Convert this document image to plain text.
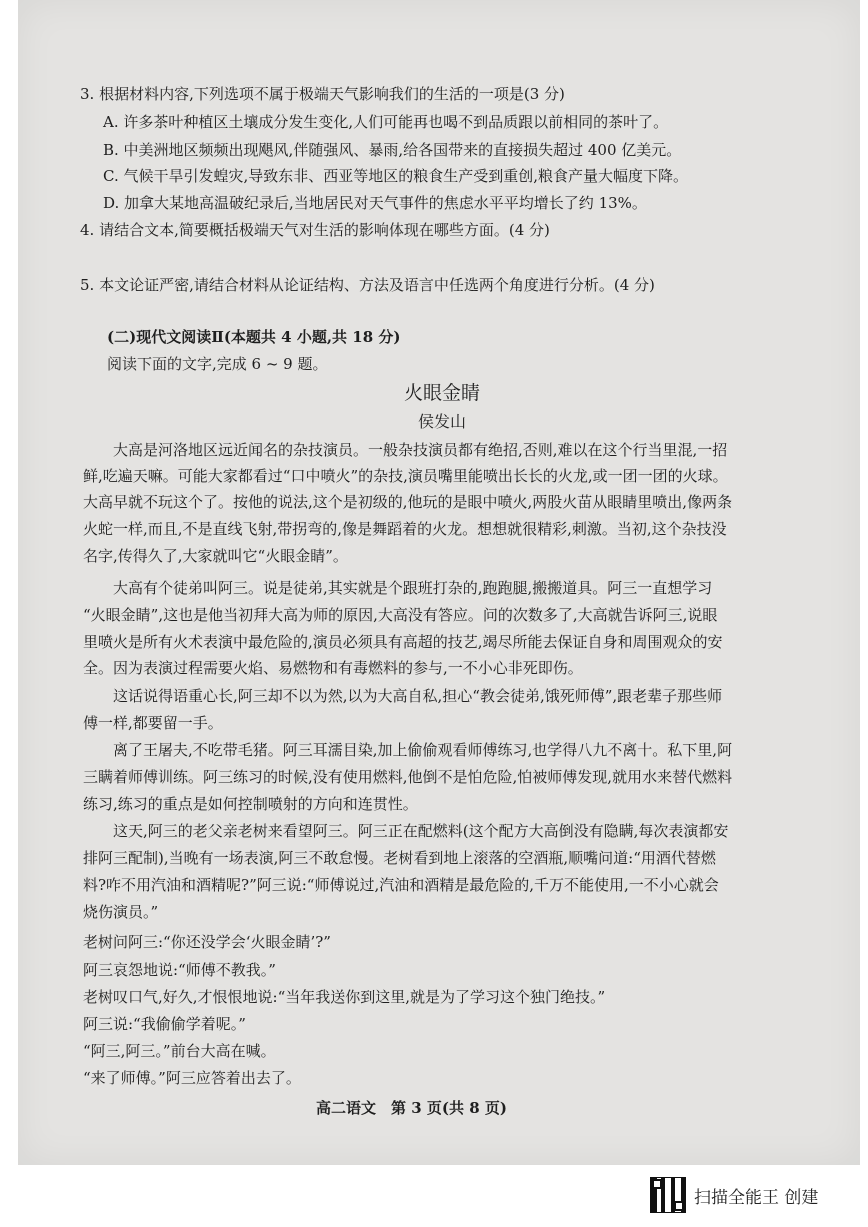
3. 根据材料内容,下列选项不属于极端天气影响我们的生活的一项是(3 分)
A. 许多茶叶种植区土壤成分发生变化,人们可能再也喝不到品质跟以前相同的茶叶了。
B. 中美洲地区频频出现飓风,伴随强风、暴雨,给各国带来的直接损失超过 400 亿美元。
C. 气候干旱引发蝗灾,导致东非、西亚等地区的粮食生产受到重创,粮食产量大幅度下降。
D. 加拿大某地高温破纪录后,当地居民对天气事件的焦虑水平平均增长了约 13%。
4. 请结合文本,简要概括极端天气对生活的影响体现在哪些方面。(4 分)
5. 本文论证严密,请结合材料从论证结构、方法及语言中任选两个角度进行分析。(4 分)
(二)现代文阅读Ⅱ(本题共 4 小题,共 18 分)
阅读下面的文字,完成 6 ~ 9 题。
火眼金睛
侯发山
大高是河洛地区远近闻名的杂技演员。一般杂技演员都有绝招,否则,难以在这个行当里混,一招
鲜,吃遍天嘛。可能大家都看过“口中喷火”的杂技,演员嘴里能喷出长长的火龙,或一团一团的火球。
大高早就不玩这个了。按他的说法,这个是初级的,他玩的是眼中喷火,两股火苗从眼睛里喷出,像两条
火蛇一样,而且,不是直线飞射,带拐弯的,像是舞蹈着的火龙。想想就很精彩,刺激。当初,这个杂技没
名字,传得久了,大家就叫它“火眼金睛”。
大高有个徒弟叫阿三。说是徒弟,其实就是个跟班打杂的,跑跑腿,搬搬道具。阿三一直想学习
“火眼金睛”,这也是他当初拜大高为师的原因,大高没有答应。问的次数多了,大高就告诉阿三,说眼
里喷火是所有火术表演中最危险的,演员必须具有高超的技艺,竭尽所能去保证自身和周围观众的安
全。因为表演过程需要火焰、易燃物和有毒燃料的参与,一不小心非死即伤。
这话说得语重心长,阿三却不以为然,以为大高自私,担心“教会徒弟,饿死师傅”,跟老辈子那些师
傅一样,都要留一手。
离了王屠夫,不吃带毛猪。阿三耳濡目染,加上偷偷观看师傅练习,也学得八九不离十。私下里,阿
三瞒着师傅训练。阿三练习的时候,没有使用燃料,他倒不是怕危险,怕被师傅发现,就用水来替代燃料
练习,练习的重点是如何控制喷射的方向和连贯性。
这天,阿三的老父亲老树来看望阿三。阿三正在配燃料(这个配方大高倒没有隐瞒,每次表演都安
排阿三配制),当晚有一场表演,阿三不敢怠慢。老树看到地上滚落的空酒瓶,顺嘴问道:“用酒代替燃
料?咋不用汽油和酒精呢?”阿三说:“师傅说过,汽油和酒精是最危险的,千万不能使用,一不小心就会
烧伤演员。”
老树问阿三:“你还没学会‘火眼金睛’?”
阿三哀怨地说:“师傅不教我。”
老树叹口气,好久,才恨恨地说:“当年我送你到这里,就是为了学习这个独门绝技。”
阿三说:“我偷偷学着呢。”
“阿三,阿三。”前台大高在喊。
“来了师傅。”阿三应答着出去了。
高二语文　第 3 页(共 8 页)
扫描全能王 创建
